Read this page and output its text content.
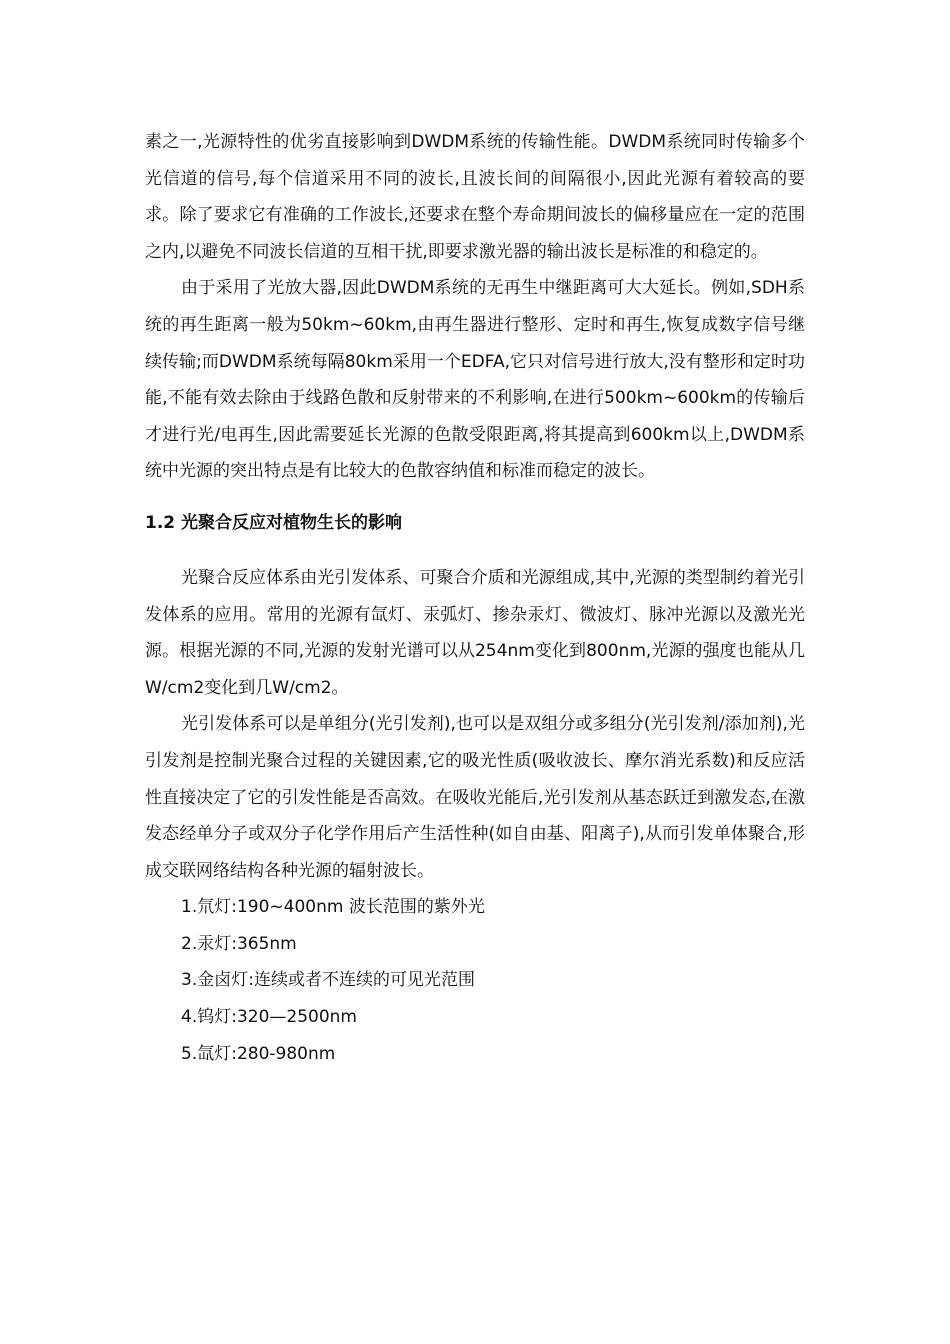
素之一,光源特性的优劣直接影响到DWDM系统的传输性能。DWDM系统同时传输多个光信道的信号,每个信道采用不同的波长,且波长间的间隔很小,因此光源有着较高的要求。除了要求它有准确的工作波长,还要求在整个寿命期间波长的偏移量应在一定的范围之内,以避免不同波长信道的互相干扰,即要求激光器的输出波长是标准的和稳定的。

由于采用了光放大器,因此DWDM系统的无再生中继距离可大大延长。例如,SDH系统的再生距离一般为50km~60km,由再生器进行整形、定时和再生,恢复成数字信号继续传输;而DWDM系统每隔80km采用一个EDFA,它只对信号进行放大,没有整形和定时功能,不能有效去除由于线路色散和反射带来的不利影响,在进行500km~600km的传输后才进行光/电再生,因此需要延长光源的色散受限距离,将其提高到600km以上,DWDM系统中光源的突出特点是有比较大的色散容纳值和标准而稳定的波长。

1.2 光聚合反应对植物生长的影响

光聚合反应体系由光引发体系、可聚合介质和光源组成,其中,光源的类型制约着光引发体系的应用。常用的光源有氙灯、汞弧灯、掺杂汞灯、微波灯、脉冲光源以及激光光源。根据光源的不同,光源的发射光谱可以从254nm变化到800nm,光源的强度也能从几W/cm2变化到几W/cm2。

光引发体系可以是单组分(光引发剂),也可以是双组分或多组分(光引发剂/添加剂),光引发剂是控制光聚合过程的关键因素,它的吸光性质(吸收波长、摩尔消光系数)和反应活性直接决定了它的引发性能是否高效。在吸收光能后,光引发剂从基态跃迁到激发态,在激发态经单分子或双分子化学作用后产生活性种(如自由基、阳离子),从而引发单体聚合,形成交联网络结构各种光源的辐射波长。

1.氘灯:190~400nm 波长范围的紫外光
2.汞灯:365nm
3.金卤灯:连续或者不连续的可见光范围
4.钨灯:320—2500nm
5.氙灯:280-980nm
